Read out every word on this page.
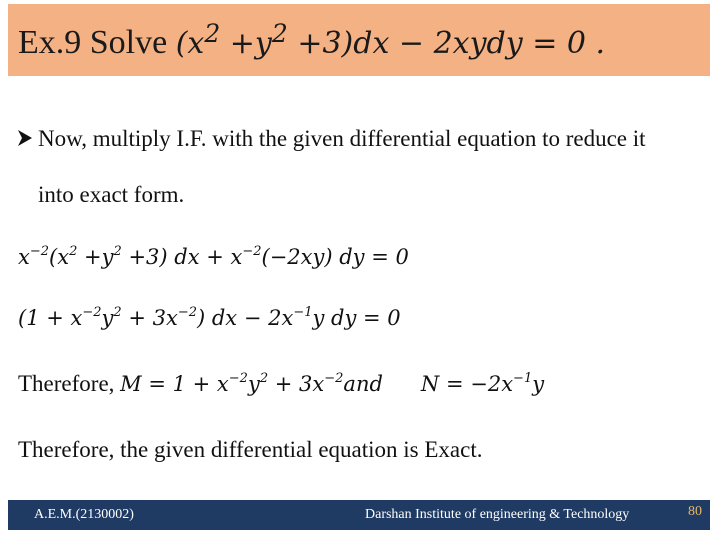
Ex.9 Solve $(x^2 +y^2 +3)dx$ − 2xydy = 0 .
Now, multiply I.F. with the given differential equation to reduce it
into exact form.
$x^{-2}(x^2 +y^2 +3)$ dx + $x^{-2}(-2xy)$ dy = 0
$(1 + x^{-2}y^2 + 3x^{-2})$ dx − $2x^{-1}y$ dy = 0
Therefore, $M = 1 + x^{-2}y^2 + 3x^{-2}and$ $N = -2x^{-1}y$
Therefore, the given differential equation is Exact.
A.E.M.(2130002)	Darshan Institute of engineering & Technology	80
